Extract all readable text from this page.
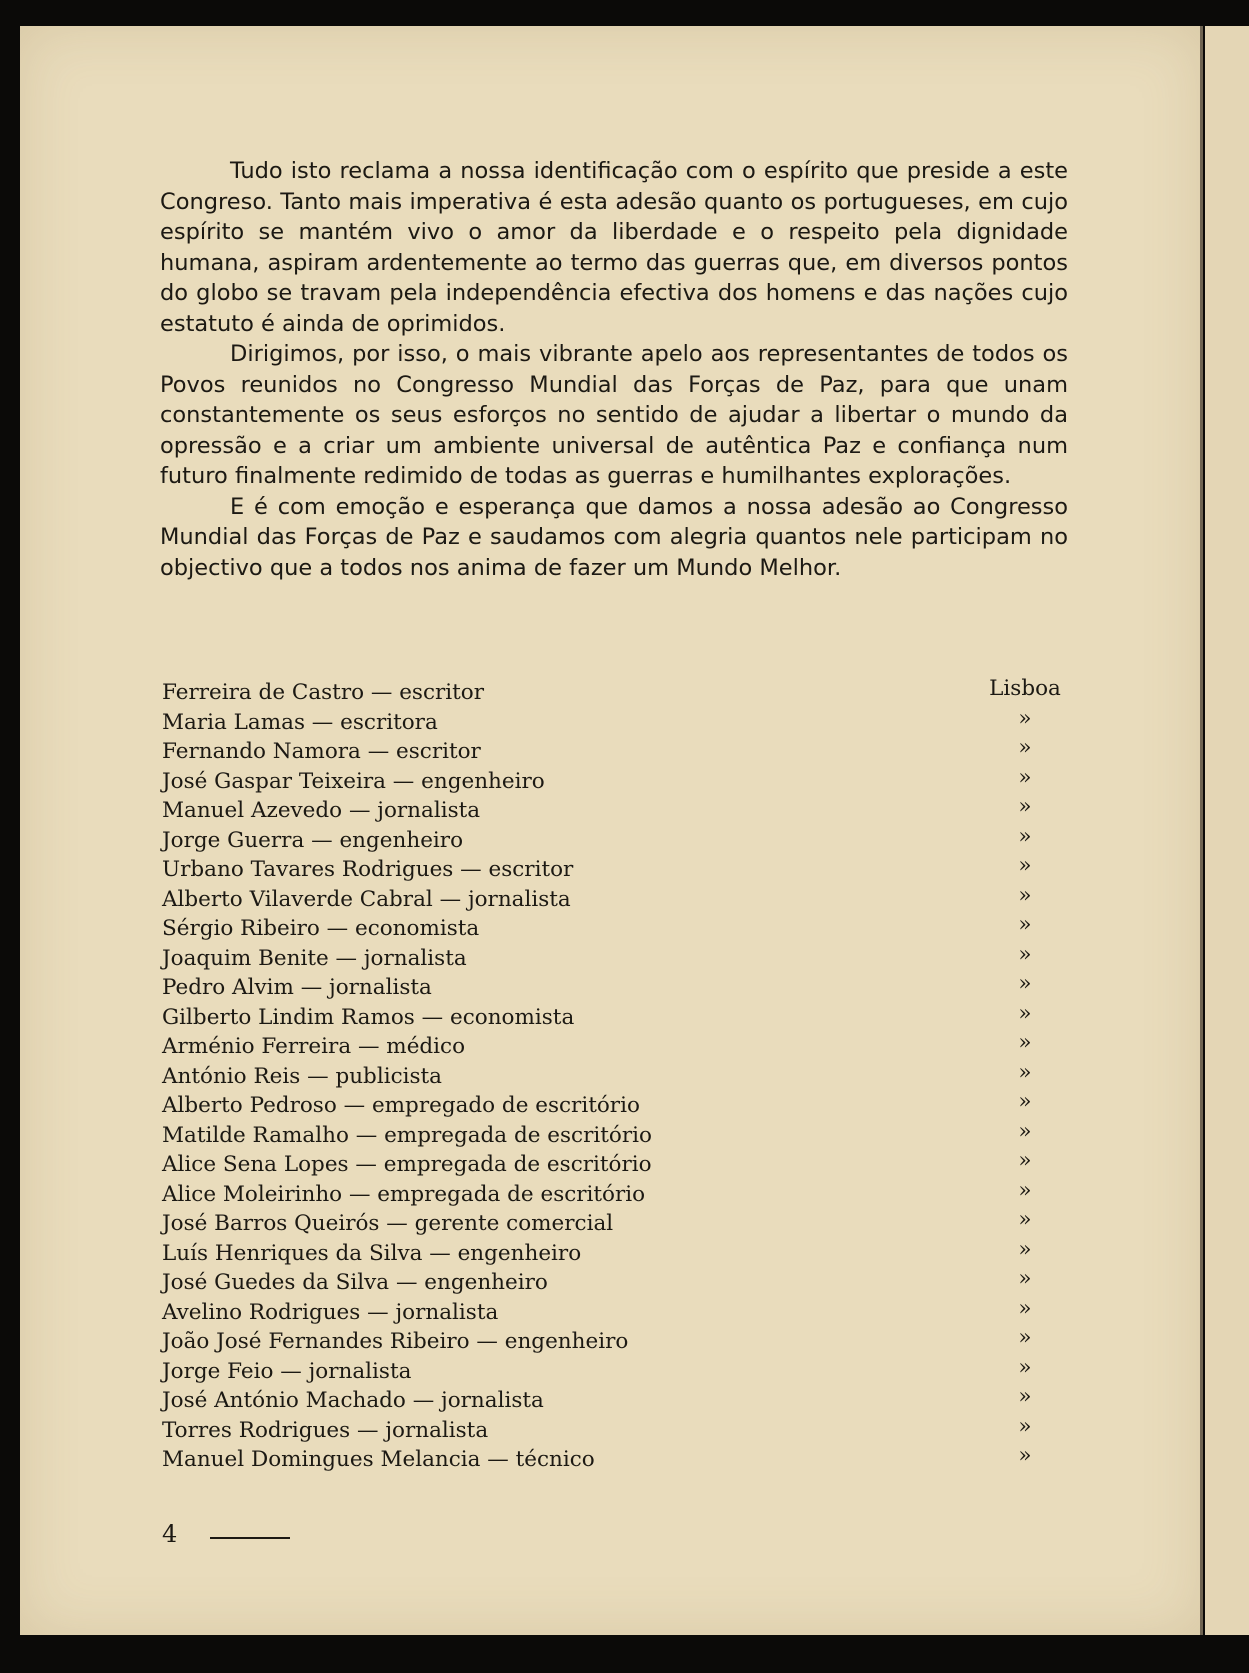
Tudo isto reclama a nossa identificação com o espírito que preside a este Congreso. Tanto mais imperativa é esta adesão quanto os portugueses, em cujo espírito se mantém vivo o amor da liberdade e o respeito pela dignidade humana, aspiram ardentemente ao termo das guerras que, em diversos pontos do globo se travam pela independência efectiva dos homens e das nações cujo estatuto é ainda de oprimidos.

Dirigimos, por isso, o mais vibrante apelo aos representantes de todos os Povos reunidos no Congresso Mundial das Forças de Paz, para que unam constantemente os seus esforços no sentido de ajudar a libertar o mundo da opressão e a criar um ambiente universal de autêntica Paz e confiança num futuro finalmente redimido de todas as guerras e humilhantes explorações.

E é com emoção e esperança que damos a nossa adesão ao Congresso Mundial das Forças de Paz e saudamos com alegria quantos nele participam no objectivo que a todos nos anima de fazer um Mundo Melhor.

Ferreira de Castro — escritor	Lisboa
Maria Lamas — escritora	»
Fernando Namora — escritor	»
José Gaspar Teixeira — engenheiro	»
Manuel Azevedo — jornalista	»
Jorge Guerra — engenheiro	»
Urbano Tavares Rodrigues — escritor	»
Alberto Vilaverde Cabral — jornalista	»
Sérgio Ribeiro — economista	»
Joaquim Benite — jornalista	»
Pedro Alvim — jornalista	»
Gilberto Lindim Ramos — economista	»
Arménio Ferreira — médico	»
António Reis — publicista	»
Alberto Pedroso — empregado de escritório	»
Matilde Ramalho — empregada de escritório	»
Alice Sena Lopes — empregada de escritório	»
Alice Moleirinho — empregada de escritório	»
José Barros Queirós — gerente comercial	»
Luís Henriques da Silva — engenheiro	»
José Guedes da Silva — engenheiro	»
Avelino Rodrigues — jornalista	»
João José Fernandes Ribeiro — engenheiro	»
Jorge Feio — jornalista	»
José António Machado — jornalista	»
Torres Rodrigues — jornalista	»
Manuel Domingues Melancia — técnico	»
4
